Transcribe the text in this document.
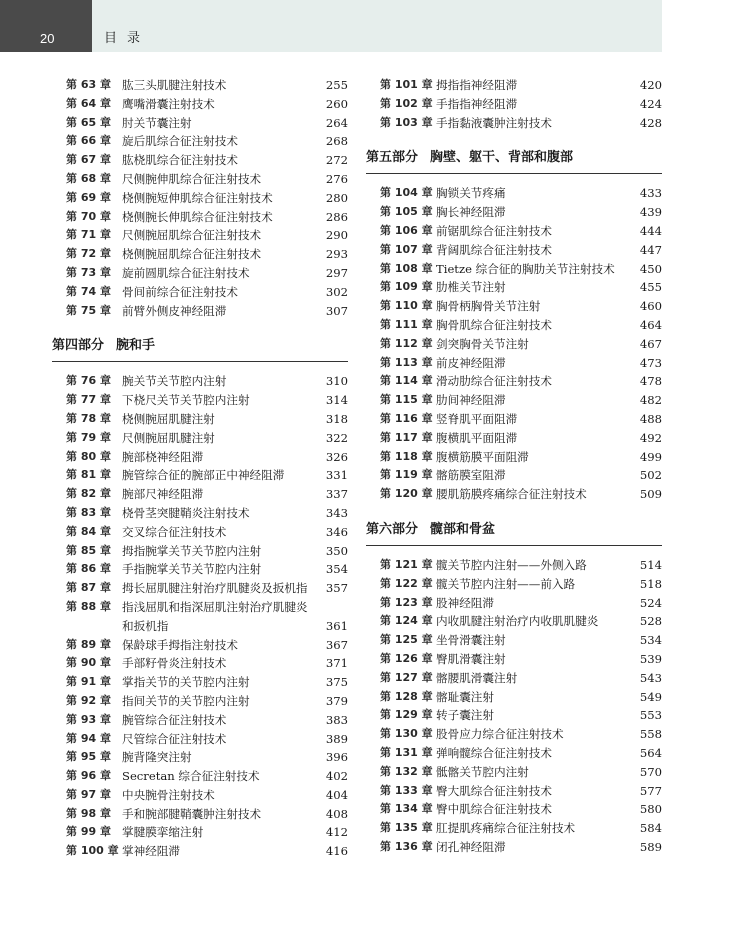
20	目录
第 63 章 肱三头肌腱注射技术	255
第 64 章 鹰嘴滑囊注射技术	260
第 65 章 肘关节囊注射	264
第 66 章 旋后肌综合征注射技术	268
第 67 章 肱桡肌综合征注射技术	272
第 68 章 尺侧腕伸肌综合征注射技术	276
第 69 章 桡侧腕短伸肌综合征注射技术	280
第 70 章 桡侧腕长伸肌综合征注射技术	286
第 71 章 尺侧腕屈肌综合征注射技术	290
第 72 章 桡侧腕屈肌综合征注射技术	293
第 73 章 旋前圆肌综合征注射技术	297
第 74 章 骨间前综合征注射技术	302
第 75 章 前臂外侧皮神经阻滞	307
第四部分 腕和手
第 76 章 腕关节关节腔内注射	310
第 77 章 下桡尺关节关节腔内注射	314
第 78 章 桡侧腕屈肌腱注射	318
第 79 章 尺侧腕屈肌腱注射	322
第 80 章 腕部桡神经阻滞	326
第 81 章 腕管综合征的腕部正中神经阻滞	331
第 82 章 腕部尺神经阻滞	337
第 83 章 桡骨茎突腱鞘炎注射技术	343
第 84 章 交叉综合征注射技术	346
第 85 章 拇指腕掌关节关节腔内注射	350
第 86 章 手指腕掌关节关节腔内注射	354
第 87 章 拇长屈肌腱注射治疗肌腱炎及扳机指	357
第 88 章 指浅屈肌和指深屈肌注射治疗肌腱炎和扳机指	361
第 89 章 保龄球手拇指注射技术	367
第 90 章 手部籽骨炎注射技术	371
第 91 章 掌指关节的关节腔内注射	375
第 92 章 指间关节的关节腔内注射	379
第 93 章 腕管综合征注射技术	383
第 94 章 尺管综合征注射技术	389
第 95 章 腕背隆突注射	396
第 96 章 Secretan 综合征注射技术	402
第 97 章 中央腕骨注射技术	404
第 98 章 手和腕部腱鞘囊肿注射技术	408
第 99 章 掌腱膜挛缩注射	412
第 100 章 掌神经阻滞	416
第 101 章 拇指指神经阻滞	420
第 102 章 手指指神经阻滞	424
第 103 章 手指黏液囊肿注射技术	428
第五部分 胸壁、躯干、背部和腹部
第 104 章 胸锁关节疼痛	433
第 105 章 胸长神经阻滞	439
第 106 章 前锯肌综合征注射技术	444
第 107 章 背阔肌综合征注射技术	447
第 108 章 Tietze 综合征的胸肋关节注射技术	450
第 109 章 肋椎关节注射	455
第 110 章 胸骨柄胸骨关节注射	460
第 111 章 胸骨肌综合征注射技术	464
第 112 章 剑突胸骨关节注射	467
第 113 章 前皮神经阻滞	473
第 114 章 滑动肋综合征注射技术	478
第 115 章 肋间神经阻滞	482
第 116 章 竖脊肌平面阻滞	488
第 117 章 腹横肌平面阻滞	492
第 118 章 腹横筋膜平面阻滞	499
第 119 章 髂筋膜室阻滞	502
第 120 章 腰肌筋膜疼痛综合征注射技术	509
第六部分 髋部和骨盆
第 121 章 髋关节腔内注射——外侧入路	514
第 122 章 髋关节腔内注射——前入路	518
第 123 章 股神经阻滞	524
第 124 章 内收肌腱注射治疗内收肌肌腱炎	528
第 125 章 坐骨滑囊注射	534
第 126 章 臀肌滑囊注射	539
第 127 章 髂腰肌滑囊注射	543
第 128 章 髂耻囊注射	549
第 129 章 转子囊注射	553
第 130 章 股骨应力综合征注射技术	558
第 131 章 弹响髋综合征注射技术	564
第 132 章 骶髂关节腔内注射	570
第 133 章 臀大肌综合征注射技术	577
第 134 章 臀中肌综合征注射技术	580
第 135 章 肛提肌疼痛综合征注射技术	584
第 136 章 闭孔神经阻滞	589
